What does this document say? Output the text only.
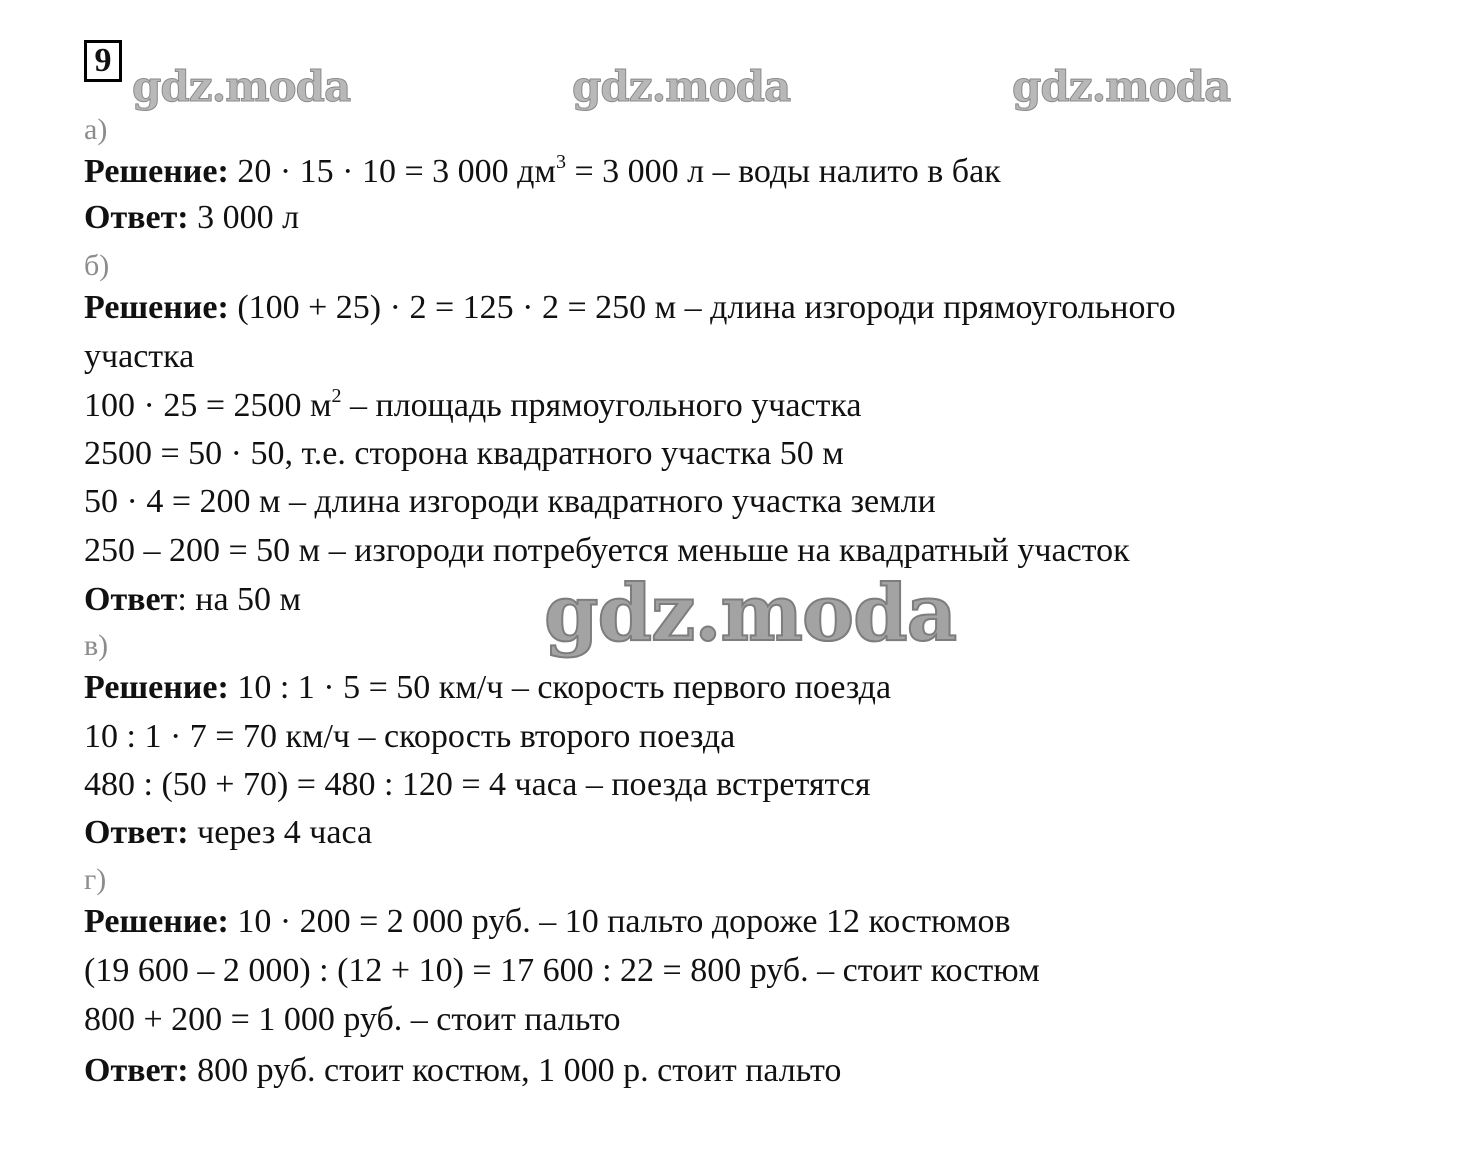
9
gdz.moda	gdz.moda	gdz.moda
а)
Решение: 20 · 15 · 10 = 3 000 $дм^3 = 3$ 000 л – воды налито в бак
Ответ: 3 000 л
б)
Решение: (100 + 25) · 2 = 125 · 2 = 250 м – длина изгороди прямоугольного
участка
100 · 25 = 2500 $м^2$ – площадь прямоугольного участка
2500 = 50 · 50, т.е. сторона квадратного участка 50 м
50 · 4 = 200 м – длина изгороди квадратного участка земли
250 – 200 = 50 м – изгороди потребуется меньше на квадратный участок
Ответ: на 50 м
в)
Решение: 10 : 1 · 5 = 50 км/ч – скорость первого поезда
10 : 1 · 7 = 70 км/ч – скорость второго поезда
480 : (50 + 70) = 480 : 120 = 4 часа – поезда встретятся
Ответ: через 4 часа
г)
Решение: 10 · 200 = 2 000 руб. – 10 пальто дороже 12 костюмов
(19 600 – 2 000) : (12 + 10) = 17 600 : 22 = 800 руб. – стоит костюм
800 + 200 = 1 000 руб. – стоит пальто
Ответ: 800 руб. стоит костюм, 1 000 р. стоит пальто
gdz.moda
